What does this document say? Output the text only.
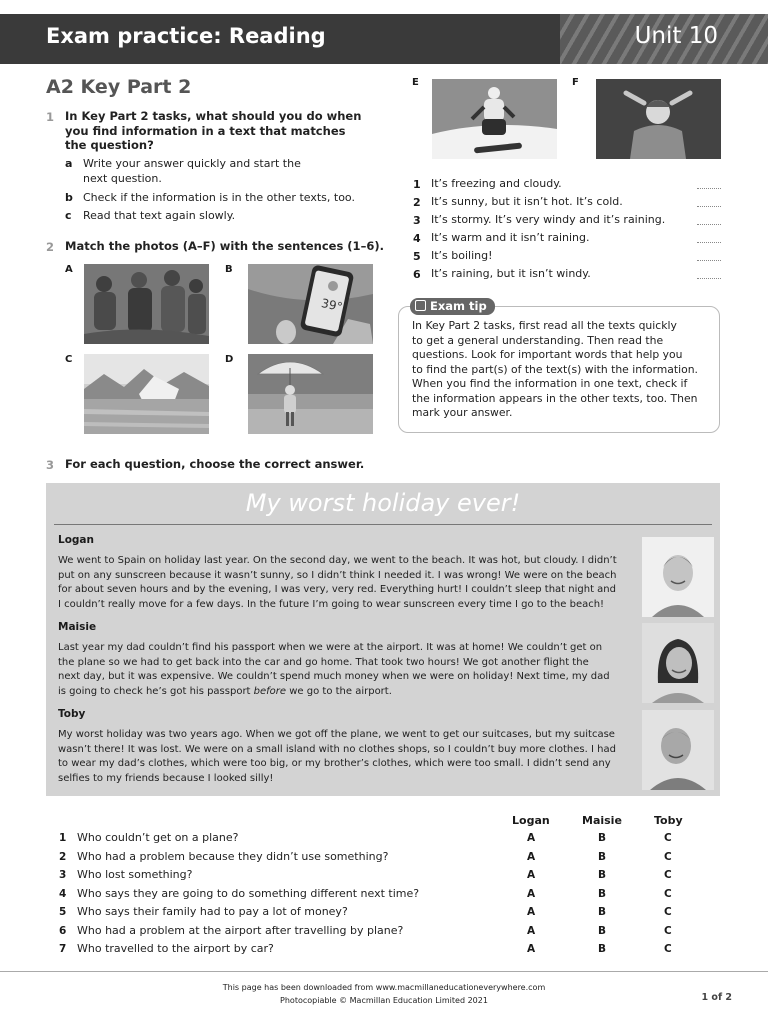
Exam practice: Reading	Unit 10
A2 Key Part 2
1 In Key Part 2 tasks, what should you do when
you find information in a text that matches
the question?
a Write your answer quickly and start the
next question.
b Check if the information is in the other texts, too.
c Read that text again slowly.
2 Match the photos (A–F) with the sentences (1–6).
A	B
39°
C	D
E	F
1 It’s freezing and cloudy.
2 It’s sunny, but it isn’t hot. It’s cold.
3 It’s stormy. It’s very windy and it’s raining.
4 It’s warm and it isn’t raining.
5 It’s boiling!
6 It’s raining, but it isn’t windy.
Exam tip
In Key Part 2 tasks, first read all the texts quickly
to get a general understanding. Then read the
questions. Look for important words that help you
to find the part(s) of the text(s) with the information.
When you find the information in one text, check if
the information appears in the other texts, too. Then
mark your answer.
3 For each question, choose the correct answer.
My worst holiday ever!
Logan
We went to Spain on holiday last year. On the second day, we went to the beach. It was hot, but cloudy. I didn’t
put on any sunscreen because it wasn’t sunny, so I didn’t think I needed it. I was wrong! We were on the beach
for about seven hours and by the evening, I was very, very red. Everything hurt! I couldn’t sleep that night and
I couldn’t really move for a few days. In the future I’m going to wear sunscreen every time I go to the beach!
Maisie
Last year my dad couldn’t find his passport when we were at the airport. It was at home! We couldn’t get on
the plane so we had to get back into the car and go home. That took two hours! We got another flight the
next day, but it was expensive. We couldn’t spend much money when we were on holiday! Next time, my dad
is going to check he’s got his passport before we go to the airport.
Toby
My worst holiday was two years ago. When we got off the plane, we went to get our suitcases, but my suitcase
wasn’t there! It was lost. We were on a small island with no clothes shops, so I couldn’t buy more clothes. I had
to wear my dad’s clothes, which were too big, or my brother’s clothes, which were too small. I didn’t send any
selfies to my friends because I looked silly!
Logan	Maisie	Toby
1 Who couldn’t get on a plane?	A	B	C
2 Who had a problem because they didn’t use something?	A	B	C
3 Who lost something?	A	B	C
4 Who says they are going to do something different next time?	A	B	C
5 Who says their family had to pay a lot of money?	A	B	C
6 Who had a problem at the airport after travelling by plane?	A	B	C
7 Who travelled to the airport by car?	A	B	C
This page has been downloaded from www.macmillaneducationeverywhere.com
Photocopiable © Macmillan Education Limited 2021	1 of 2
